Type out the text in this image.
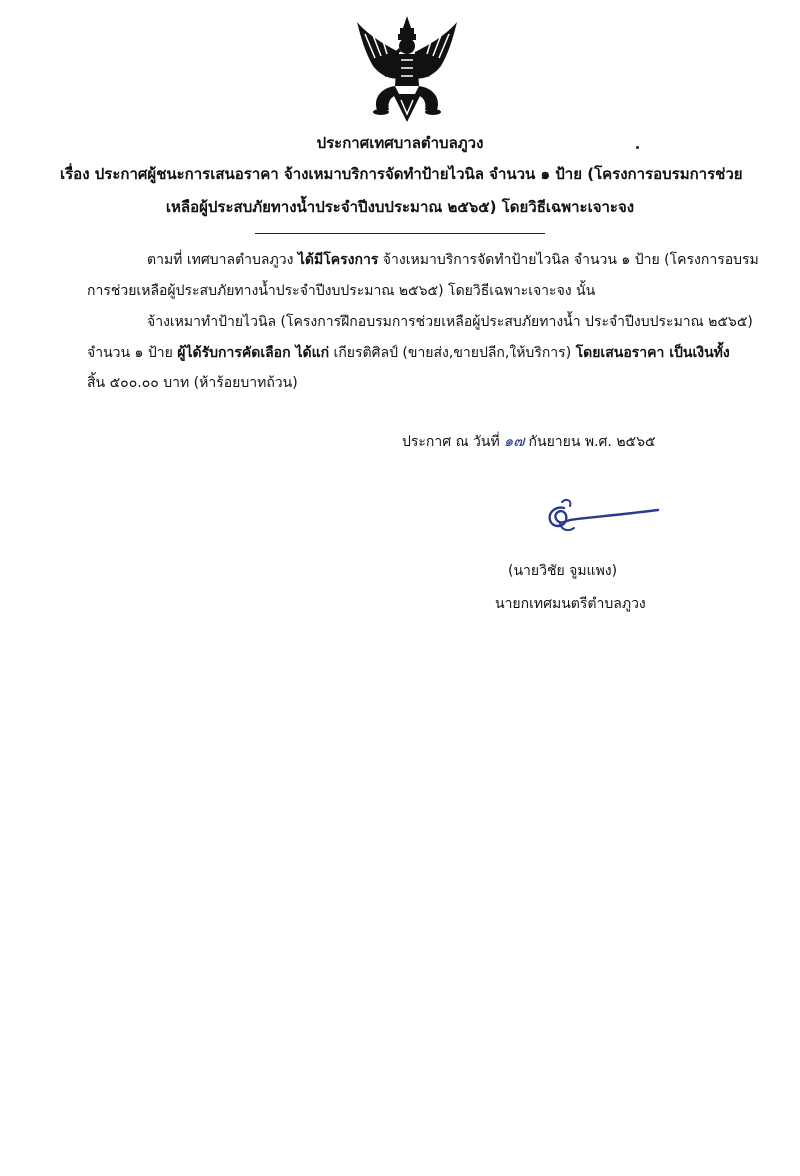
ประกาศเทศบาลตำบลภูวง
เรื่อง ประกาศผู้ชนะการเสนอราคา จ้างเหมาบริการจัดทำป้ายไวนิล จำนวน ๑ ป้าย (โครงการอบรมการช่วย
เหลือผู้ประสบภัยทางน้ำประจำปีงบประมาณ ๒๕๖๕) โดยวิธีเฉพาะเจาะจง
ตามที่ เทศบาลตำบลภูวง ได้มีโครงการ จ้างเหมาบริการจัดทำป้ายไวนิล จำนวน ๑ ป้าย (โครงการอบรม
การช่วยเหลือผู้ประสบภัยทางน้ำประจำปีงบประมาณ ๒๕๖๕) โดยวิธีเฉพาะเจาะจง นั้น
จ้างเหมาทำป้ายไวนิล (โครงการฝึกอบรมการช่วยเหลือผู้ประสบภัยทางน้ำ ประจำปีงบประมาณ ๒๕๖๕)
จำนวน ๑ ป้าย ผู้ได้รับการคัดเลือก ได้แก่ เกียรติศิลป์ (ขายส่ง,ขายปลีก,ให้บริการ) โดยเสนอราคา เป็นเงินทั้ง
สิ้น ๕๐๐.๐๐ บาท (ห้าร้อยบาทถ้วน)
ประกาศ ณ วันที่ ๑๗ กันยายน พ.ศ. ๒๕๖๕
(นายวิชัย จูมแพง)
นายกเทศมนตรีตำบลภูวง
